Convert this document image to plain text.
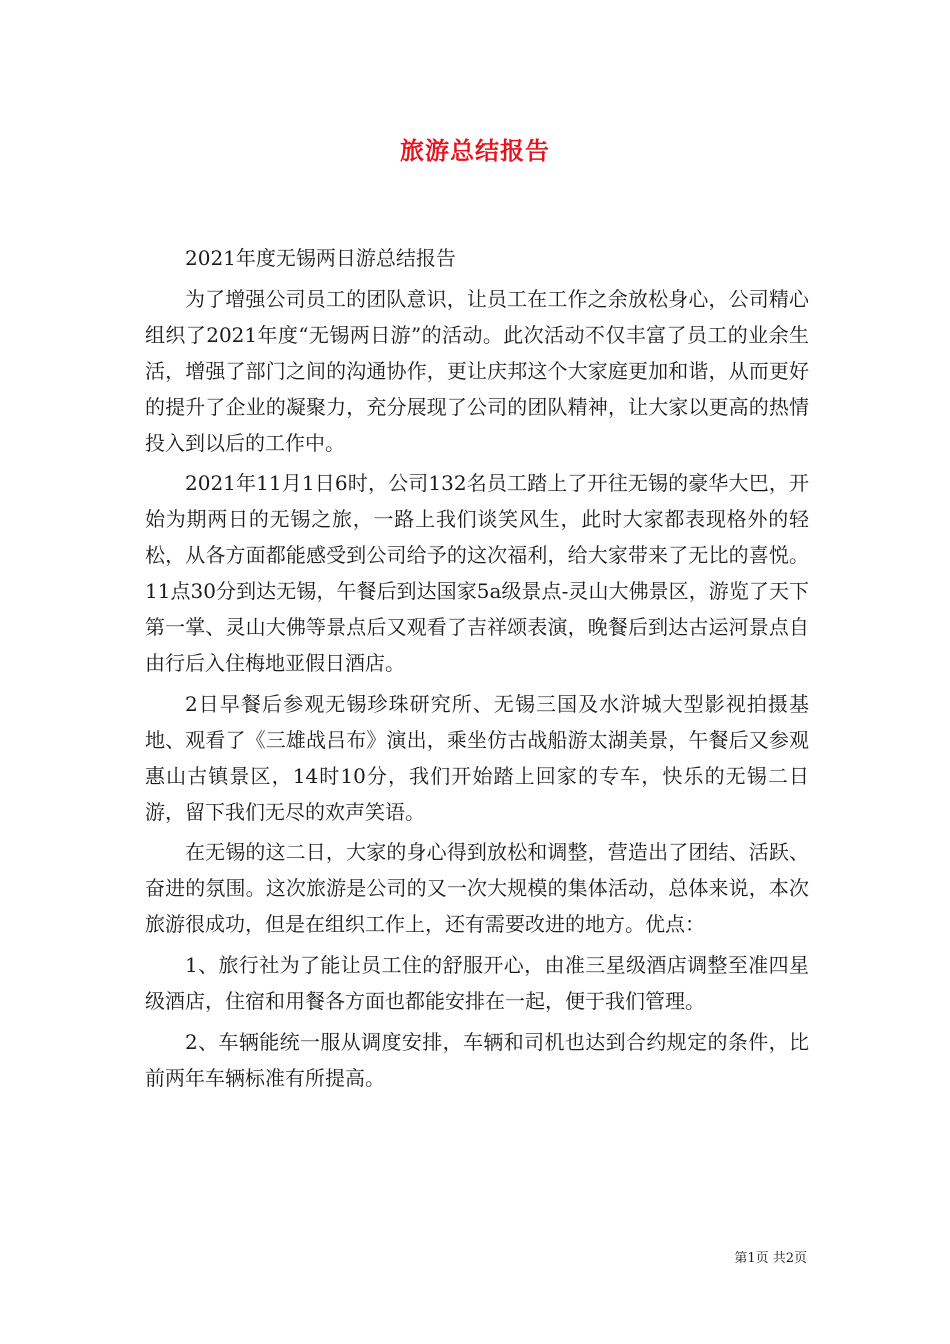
旅游总结报告

2021年度无锡两日游总结报告

为了增强公司员工的团队意识，让员工在工作之余放松身心，公司精心组织了2021年度“无锡两日游”的活动。此次活动不仅丰富了员工的业余生活，增强了部门之间的沟通协作，更让庆邦这个大家庭更加和谐，从而更好的提升了企业的凝聚力，充分展现了公司的团队精神，让大家以更高的热情投入到以后的工作中。

2021年11月1日6时，公司132名员工踏上了开往无锡的豪华大巴，开始为期两日的无锡之旅，一路上我们谈笑风生，此时大家都表现格外的轻松，从各方面都能感受到公司给予的这次福利，给大家带来了无比的喜悦。11点30分到达无锡，午餐后到达国家5a级景点-灵山大佛景区，游览了天下第一掌、灵山大佛等景点后又观看了吉祥颂表演，晚餐后到达古运河景点自由行后入住梅地亚假日酒店。

2日早餐后参观无锡珍珠研究所、无锡三国及水浒城大型影视拍摄基地、观看了《三雄战吕布》演出，乘坐仿古战船游太湖美景，午餐后又参观惠山古镇景区，14时10分，我们开始踏上回家的专车，快乐的无锡二日游，留下我们无尽的欢声笑语。

在无锡的这二日，大家的身心得到放松和调整，营造出了团结、活跃、奋进的氛围。这次旅游是公司的又一次大规模的集体活动，总体来说，本次旅游很成功，但是在组织工作上，还有需要改进的地方。优点：

1、旅行社为了能让员工住的舒服开心，由准三星级酒店调整至准四星级酒店，住宿和用餐各方面也都能安排在一起，便于我们管理。

2、车辆能统一服从调度安排，车辆和司机也达到合约规定的条件，比前两年车辆标准有所提高。

第1页 共2页
